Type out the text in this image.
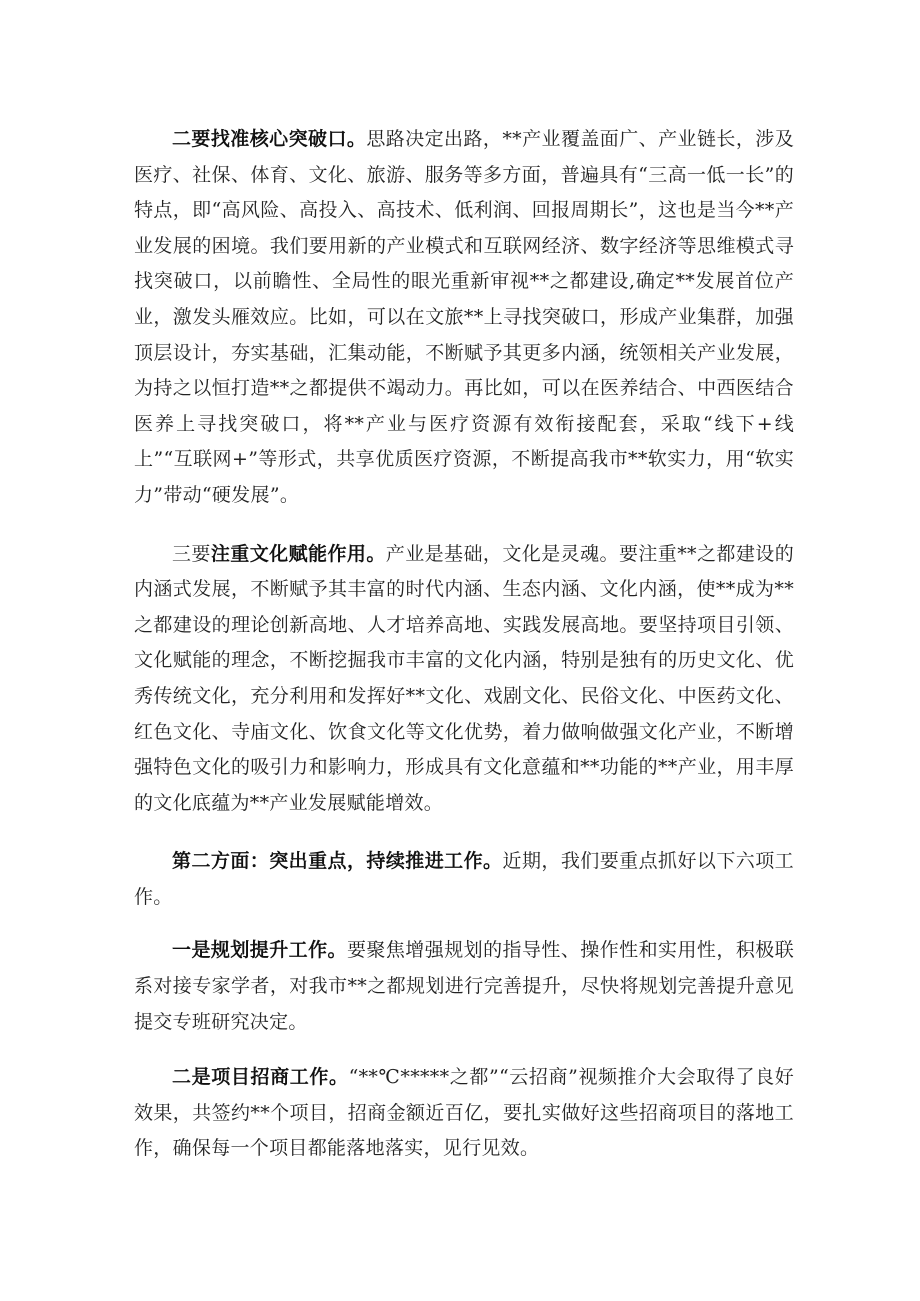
二要找准核心突破口。思路决定出路，**产业覆盖面广、产业链长，涉及医疗、社保、体育、文化、旅游、服务等多方面，普遍具有“三高一低一长”的特点，即“高风险、高投入、高技术、低利润、回报周期长”，这也是当今**产业发展的困境。我们要用新的产业模式和互联网经济、数字经济等思维模式寻找突破口，以前瞻性、全局性的眼光重新审视**之都建设,确定**发展首位产业，激发头雁效应。比如，可以在文旅**上寻找突破口，形成产业集群，加强顶层设计，夯实基础，汇集动能，不断赋予其更多内涵，统领相关产业发展，为持之以恒打造**之都提供不竭动力。再比如，可以在医养结合、中西医结合医养上寻找突破口，将**产业与医疗资源有效衔接配套，采取“线下+线上”“互联网+”等形式，共享优质医疗资源，不断提高我市**软实力，用“软实力”带动“硬发展”。

三要注重文化赋能作用。产业是基础，文化是灵魂。要注重**之都建设的内涵式发展，不断赋予其丰富的时代内涵、生态内涵、文化内涵，使**成为**之都建设的理论创新高地、人才培养高地、实践发展高地。要坚持项目引领、文化赋能的理念，不断挖掘我市丰富的文化内涵，特别是独有的历史文化、优秀传统文化，充分利用和发挥好**文化、戏剧文化、民俗文化、中医药文化、红色文化、寺庙文化、饮食文化等文化优势，着力做响做强文化产业，不断增强特色文化的吸引力和影响力，形成具有文化意蕴和**功能的**产业，用丰厚的文化底蕴为**产业发展赋能增效。

第二方面：突出重点，持续推进工作。近期，我们要重点抓好以下六项工作。

一是规划提升工作。要聚焦增强规划的指导性、操作性和实用性，积极联系对接专家学者，对我市**之都规划进行完善提升，尽快将规划完善提升意见提交专班研究决定。

二是项目招商工作。“**℃*****之都”“云招商”视频推介大会取得了良好效果，共签约**个项目，招商金额近百亿，要扎实做好这些招商项目的落地工作，确保每一个项目都能落地落实，见行见效。
